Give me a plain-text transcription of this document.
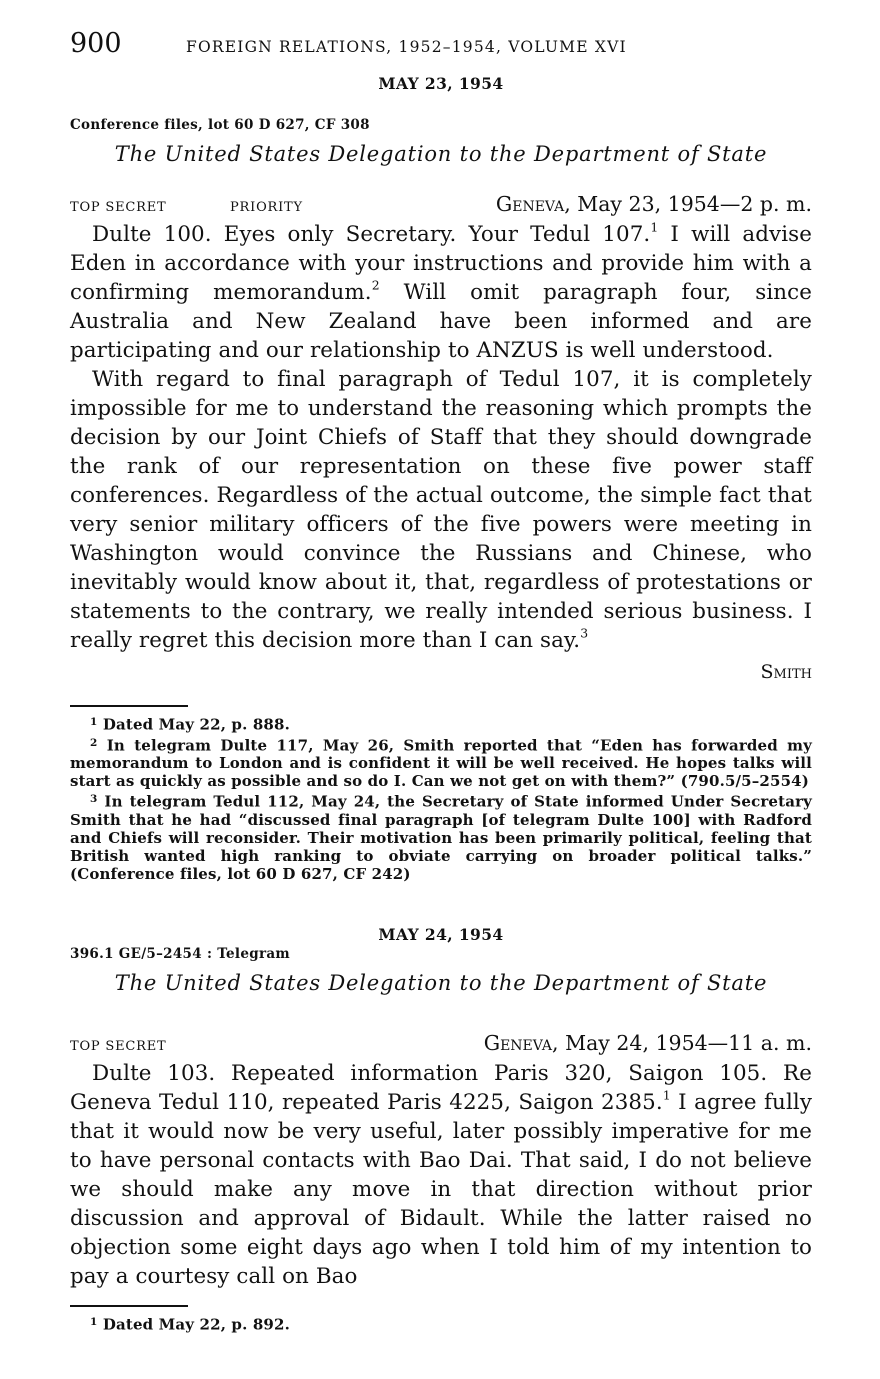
900	FOREIGN RELATIONS, 1952–1954, VOLUME XVI
MAY 23, 1954
Conference files, lot 60 D 627, CF 308
The United States Delegation to the Department of State
TOP SECRET	PRIORITY	Geneva, May 23, 1954—2 p. m.

Dulte 100. Eyes only Secretary. Your Tedul 107.$^1$ I will advise Eden in accordance with your instructions and provide him with a confirming memorandum.$^2$ Will omit paragraph four, since Australia and New Zealand have been informed and are participating and our relationship to ANZUS is well understood.

With regard to final paragraph of Tedul 107, it is completely impossible for me to understand the reasoning which prompts the decision by our Joint Chiefs of Staff that they should downgrade the rank of our representation on these five power staff conferences. Regardless of the actual outcome, the simple fact that very senior military officers of the five powers were meeting in Washington would convince the Russians and Chinese, who inevitably would know about it, that, regardless of protestations or statements to the contrary, we really intended serious business. I really regret this decision more than I can say.$^3$

Smith

$^1$ Dated May 22, p. 888.

$^2$ In telegram Dulte 117, May 26, Smith reported that “Eden has forwarded my memorandum to London and is confident it will be well received. He hopes talks will start as quickly as possible and so do I. Can we not get on with them?” (790.5/5–2554)

$^3$ In telegram Tedul 112, May 24, the Secretary of State informed Under Secretary Smith that he had “discussed final paragraph [of telegram Dulte 100] with Radford and Chiefs will reconsider. Their motivation has been primarily political, feeling that British wanted high ranking to obviate carrying on broader political talks.” (Conference files, lot 60 D 627, CF 242)

MAY 24, 1954
396.1 GE/5–2454 : Telegram
The United States Delegation to the Department of State
TOP SECRET	Geneva, May 24, 1954—11 a. m.

Dulte 103. Repeated information Paris 320, Saigon 105. Re Geneva Tedul 110, repeated Paris 4225, Saigon 2385.$^1$ I agree fully that it would now be very useful, later possibly imperative for me to have personal contacts with Bao Dai. That said, I do not believe we should make any move in that direction without prior discussion and approval of Bidault. While the latter raised no objection some eight days ago when I told him of my intention to pay a courtesy call on Bao

$^1$ Dated May 22, p. 892.
